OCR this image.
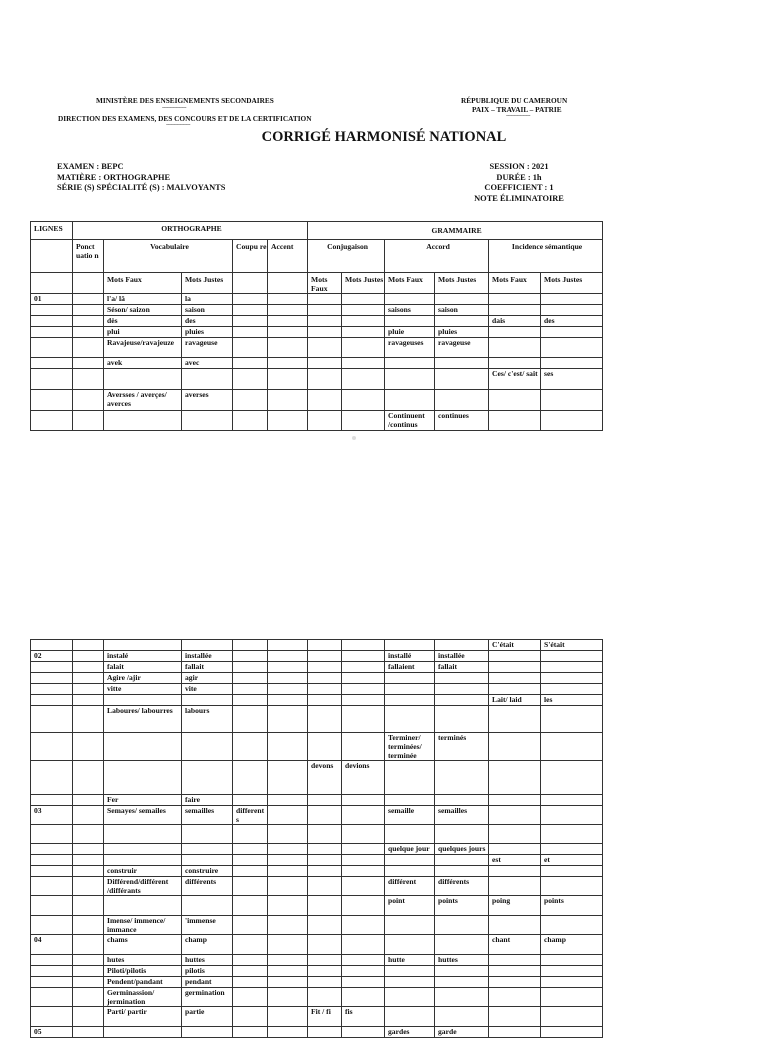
MINISTÈRE DES ENSEIGNEMENTS SECONDAIRES
----------------
DIRECTION DES EXAMENS, DES CONCOURS ET DE LA CERTIFICATION
----------------
RÉPUBLIQUE DU CAMEROUN
PAIX – TRAVAIL – PATRIE
----------------
CORRIGÉ HARMONISÉ NATIONAL
EXAMEN : BEPC
MATIÈRE : ORTHOGRAPHE
SÉRIE (S) SPÉCIALITÉ (S) : MALVOYANTS
SESSION : 2021
DURÉE : 1h
COEFFICIENT : 1
NOTE ÉLIMINATOIRE
LIGNES	ORTHOGRAPHE					GRAMMAIRE					
	Ponct uatio n	Vocabulaire		Coupu re	Accent	Conjugaison		Accord		Incidence sémantique	
		Mots Faux	Mots Justes			Mots Faux	Mots Justes	Mots Faux	Mots Justes	Mots Faux	Mots Justes
01		l'a/ lâ	la								
		Séson/ saizon	saison					saisons	saison		
		dès	des							dais	des
		plui	pluies					pluie	pluies		
		Ravajeuse/ravajeuze	ravageuse					ravageuses	ravageuse		
		avek	avec								
										Ces/ c'est/ sait	ses
		Aversses / averçes/ averces	averses								
								Continuent /continus	continues		
										C'était	S'était
02		instalé	installée					installé	installée		
		falait	fallait					fallaient	fallait		
		Agire /ajir	agir								
		vitte	vite								
										Lait/ laid	les
		Laboures/ labourres	labours								
								Terminer/ terminées/ terminée	terminés		
						devons	devions				
		Fer	faire								
03		Semayes/ semailes	semailles	different s				semaille	semailles		

								quelque jour	quelques jours		
										est	et
		construir	construire								
		Différend/différent /différants	différents					différent	différents		
								point	points	poing	points
		Imense/ immence/ immance	'immense								
04		chams	champ							chant	champ
		hutes	huttes					hutte	huttes		
		Piloti/pilotis	pilotis								
		Pendent/pandant	pendant								
		Germinassion/ jermination	germination								
		Parti/ partir	partie			Fit / fi	fis				
05								gardes	garde		
